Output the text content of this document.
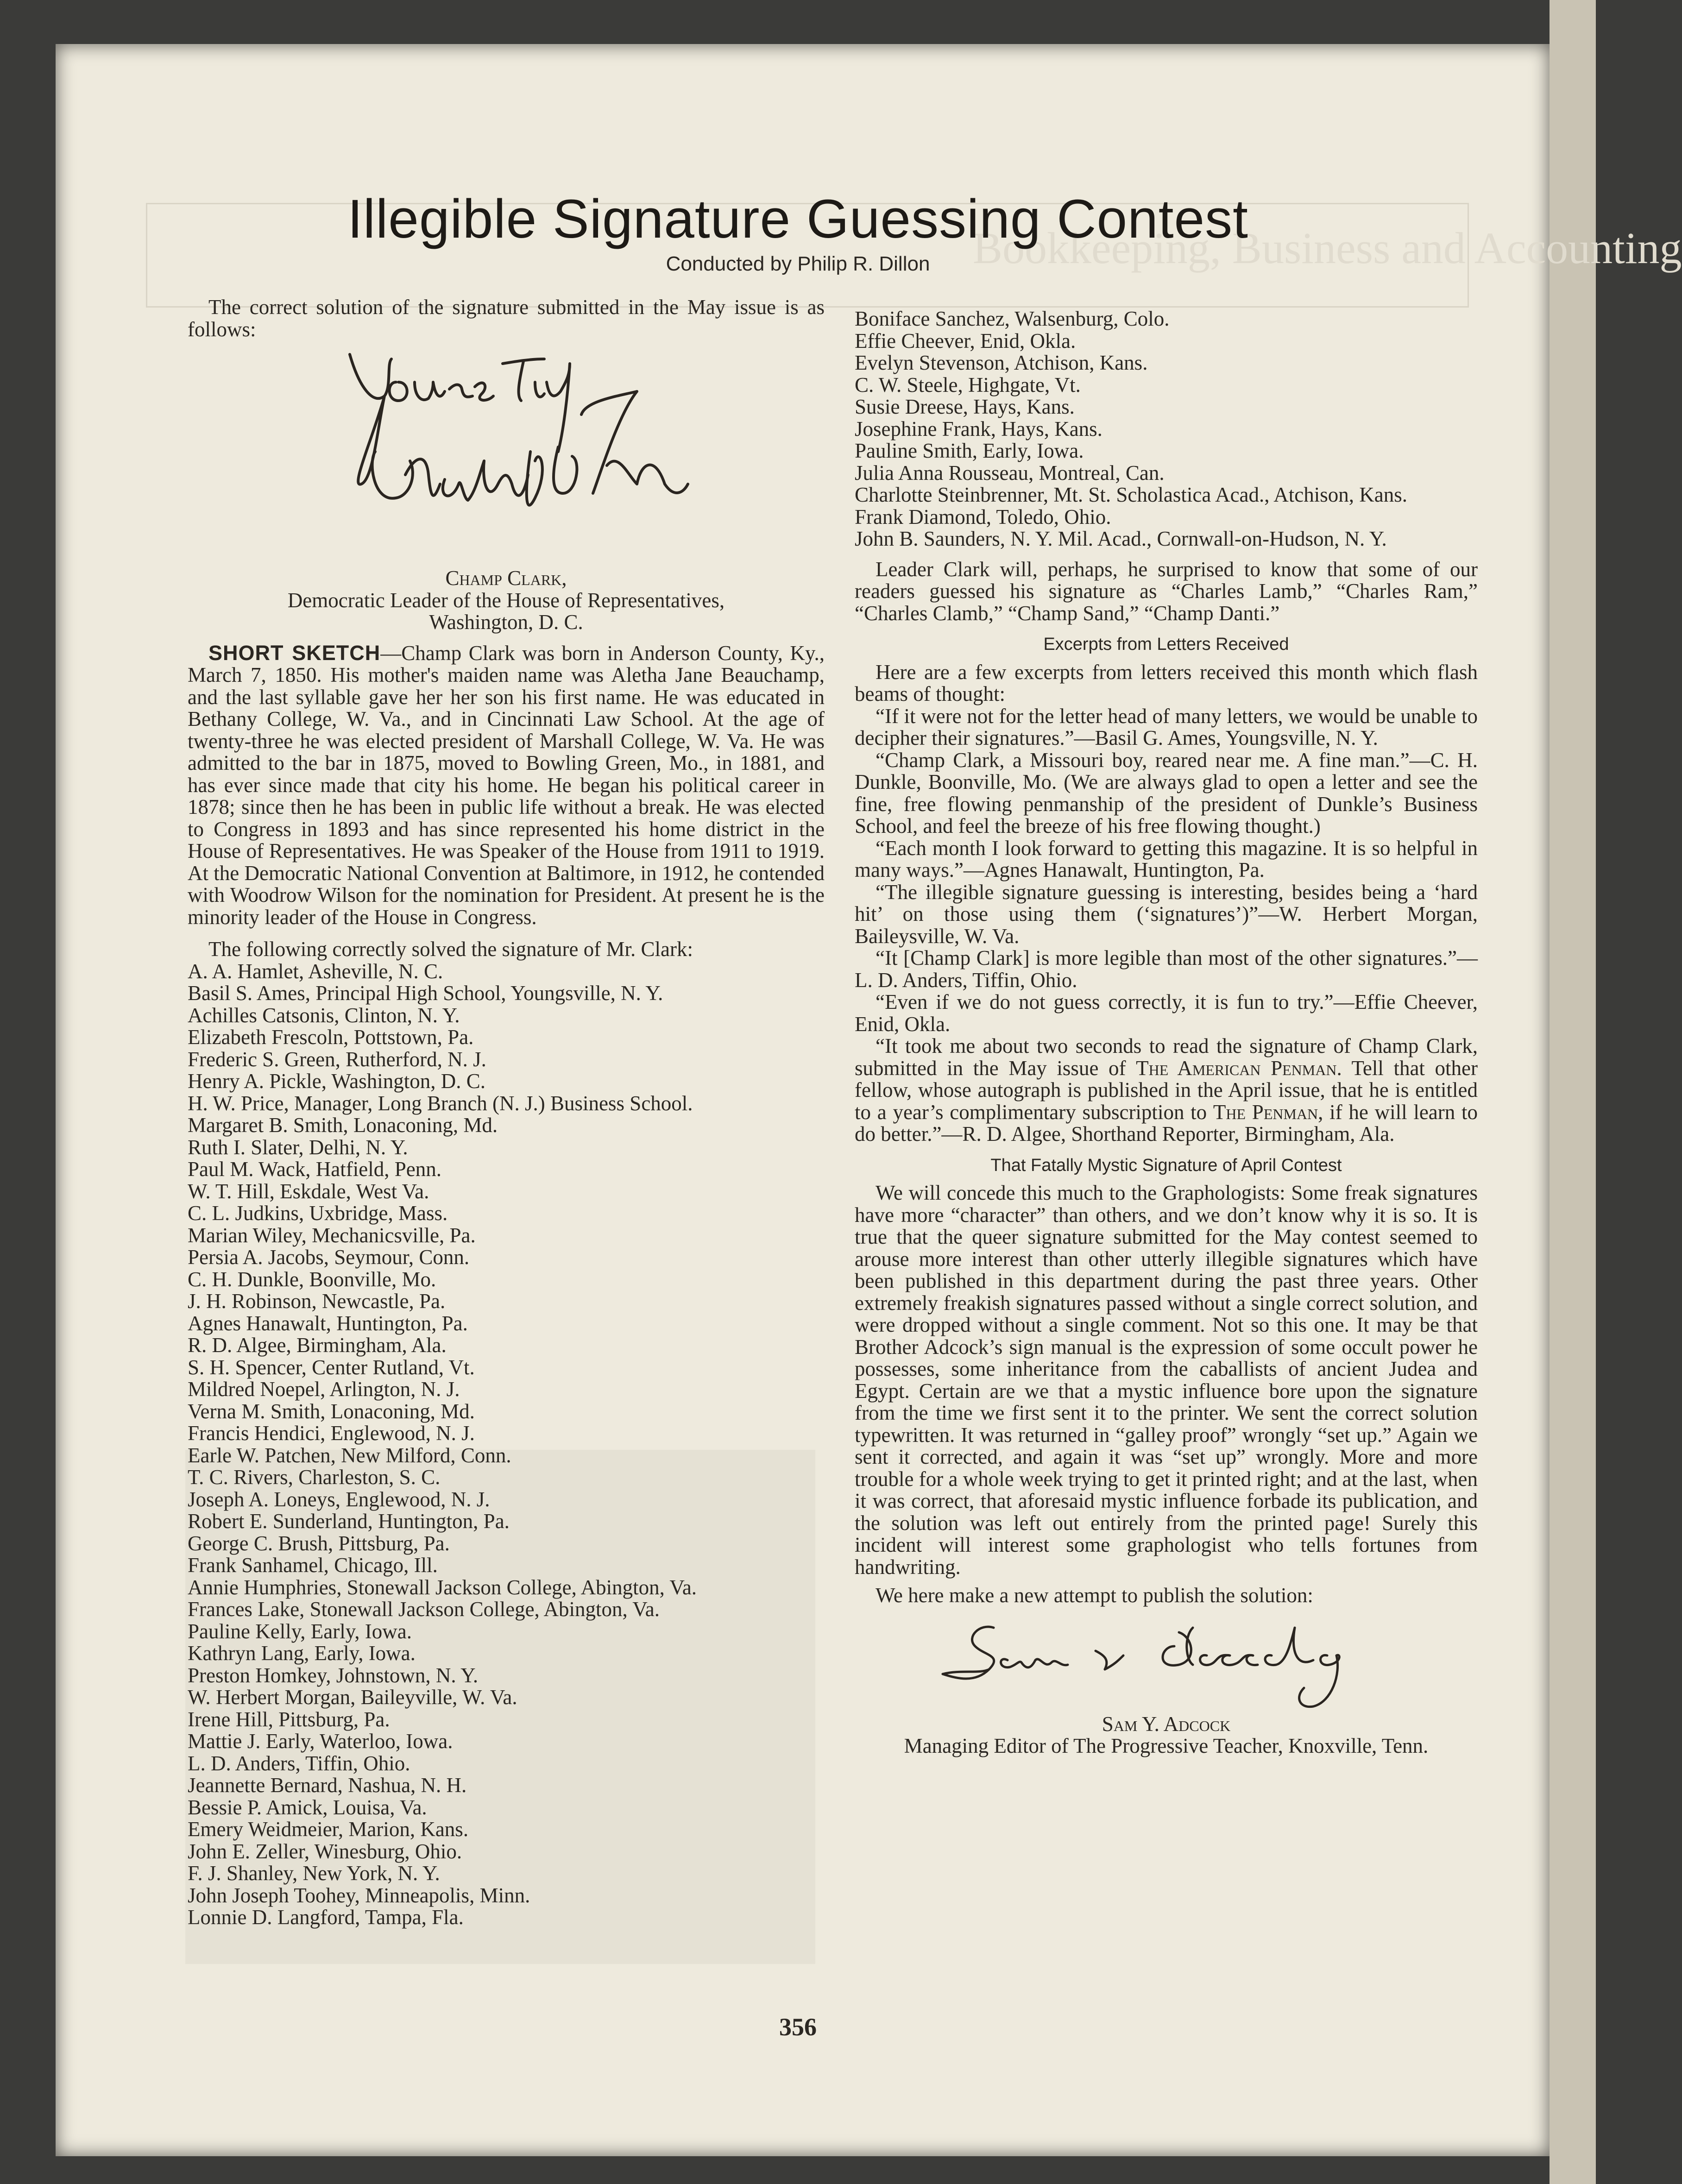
Bookkeeping, Business and Accounting
Illegible Signature Guessing Contest
Conducted by Philip R. Dillon

The correct solution of the signature submitted in the May issue is as follows:

Champ Clark,

Democratic Leader of the House of Representatives,

Washington, D. C.

SHORT SKETCH—Champ Clark was born in Anderson County, Ky., March 7, 1850. His mother's maiden name was Aletha Jane Beauchamp, and the last syllable gave her her son his first name. He was educated in Bethany College, W. Va., and in Cincinnati Law School. At the age of twenty-three he was elected president of Marshall College, W. Va. He was admitted to the bar in 1875, moved to Bowling Green, Mo., in 1881, and has ever since made that city his home. He began his political career in 1878; since then he has been in public life without a break. He was elected to Congress in 1893 and has since represented his home district in the House of Representatives. He was Speaker of the House from 1911 to 1919. At the Democratic National Convention at Baltimore, in 1912, he contended with Woodrow Wilson for the nomination for President. At present he is the minority leader of the House in Congress.

The following correctly solved the signature of Mr. Clark:

A. A. Hamlet, Asheville, N. C.

Basil S. Ames, Principal High School, Youngsville, N. Y.

Achilles Catsonis, Clinton, N. Y.

Elizabeth Frescoln, Pottstown, Pa.

Frederic S. Green, Rutherford, N. J.

Henry A. Pickle, Washington, D. C.

H. W. Price, Manager, Long Branch (N. J.) Business School.

Margaret B. Smith, Lonaconing, Md.

Ruth I. Slater, Delhi, N. Y.

Paul M. Wack, Hatfield, Penn.

W. T. Hill, Eskdale, West Va.

C. L. Judkins, Uxbridge, Mass.

Marian Wiley, Mechanicsville, Pa.

Persia A. Jacobs, Seymour, Conn.

C. H. Dunkle, Boonville, Mo.

J. H. Robinson, Newcastle, Pa.

Agnes Hanawalt, Huntington, Pa.

R. D. Algee, Birmingham, Ala.

S. H. Spencer, Center Rutland, Vt.

Mildred Noepel, Arlington, N. J.

Verna M. Smith, Lonaconing, Md.

Francis Hendici, Englewood, N. J.

Earle W. Patchen, New Milford, Conn.

T. C. Rivers, Charleston, S. C.

Joseph A. Loneys, Englewood, N. J.

Robert E. Sunderland, Huntington, Pa.

George C. Brush, Pittsburg, Pa.

Frank Sanhamel, Chicago, Ill.

Annie Humphries, Stonewall Jackson College, Abington, Va.

Frances Lake, Stonewall Jackson College, Abington, Va.

Pauline Kelly, Early, Iowa.

Kathryn Lang, Early, Iowa.

Preston Homkey, Johnstown, N. Y.

W. Herbert Morgan, Baileyville, W. Va.

Irene Hill, Pittsburg, Pa.

Mattie J. Early, Waterloo, Iowa.

L. D. Anders, Tiffin, Ohio.

Jeannette Bernard, Nashua, N. H.

Bessie P. Amick, Louisa, Va.

Emery Weidmeier, Marion, Kans.

John E. Zeller, Winesburg, Ohio.

F. J. Shanley, New York, N. Y.

John Joseph Toohey, Minneapolis, Minn.

Lonnie D. Langford, Tampa, Fla.

Boniface Sanchez, Walsenburg, Colo.

Effie Cheever, Enid, Okla.

Evelyn Stevenson, Atchison, Kans.

C. W. Steele, Highgate, Vt.

Susie Dreese, Hays, Kans.

Josephine Frank, Hays, Kans.

Pauline Smith, Early, Iowa.

Julia Anna Rousseau, Montreal, Can.

Charlotte Steinbrenner, Mt. St. Scholastica Acad., Atchison, Kans.

Frank Diamond, Toledo, Ohio.

John B. Saunders, N. Y. Mil. Acad., Cornwall-on-Hudson, N. Y.

Leader Clark will, perhaps, he surprised to know that some of our readers guessed his signature as “Charles Lamb,” “Charles Ram,” “Charles Clamb,” “Champ Sand,” “Champ Danti.”

Excerpts from Letters Received

Here are a few excerpts from letters received this month which flash beams of thought:

“If it were not for the letter head of many letters, we would be unable to decipher their signatures.”—Basil G. Ames, Youngsville, N. Y.

“Champ Clark, a Missouri boy, reared near me. A fine man.”—C. H. Dunkle, Boonville, Mo. (We are always glad to open a letter and see the fine, free flowing penmanship of the president of Dunkle’s Business School, and feel the breeze of his free flowing thought.)

“Each month I look forward to getting this magazine. It is so helpful in many ways.”—Agnes Hanawalt, Huntington, Pa.

“The illegible signature guessing is interesting, besides being a ‘hard hit’ on those using them (‘signatures’)”—W. Herbert Morgan, Baileysville, W. Va.

“It [Champ Clark] is more legible than most of the other signatures.”—L. D. Anders, Tiffin, Ohio.

“Even if we do not guess correctly, it is fun to try.”—Effie Cheever, Enid, Okla.

“It took me about two seconds to read the signature of Champ Clark, submitted in the May issue of The American Penman. Tell that other fellow, whose autograph is published in the April issue, that he is entitled to a year’s complimentary subscription to The Penman, if he will learn to do better.”—R. D. Algee, Shorthand Reporter, Birmingham, Ala.

That Fatally Mystic Signature of April Contest

We will concede this much to the Graphologists: Some freak signatures have more “character” than others, and we don’t know why it is so. It is true that the queer signature submitted for the May contest seemed to arouse more interest than other utterly illegible signatures which have been published in this department during the past three years. Other extremely freakish signatures passed without a single correct solution, and were dropped without a single comment. Not so this one. It may be that Brother Adcock’s sign manual is the expression of some occult power he possesses, some inheritance from the caballists of ancient Judea and Egypt. Certain are we that a mystic influence bore upon the signature from the time we first sent it to the printer. We sent the correct solution typewritten. It was returned in “galley proof” wrongly “set up.” Again we sent it corrected, and again it was “set up” wrongly. More and more trouble for a whole week trying to get it printed right; and at the last, when it was correct, that aforesaid mystic influence forbade its publication, and the solution was left out entirely from the printed page! Surely this incident will interest some graphologist who tells fortunes from handwriting.

We here make a new attempt to publish the solution:

Sam Y. Adcock

Managing Editor of The Progressive Teacher, Knoxville, Tenn.

356
